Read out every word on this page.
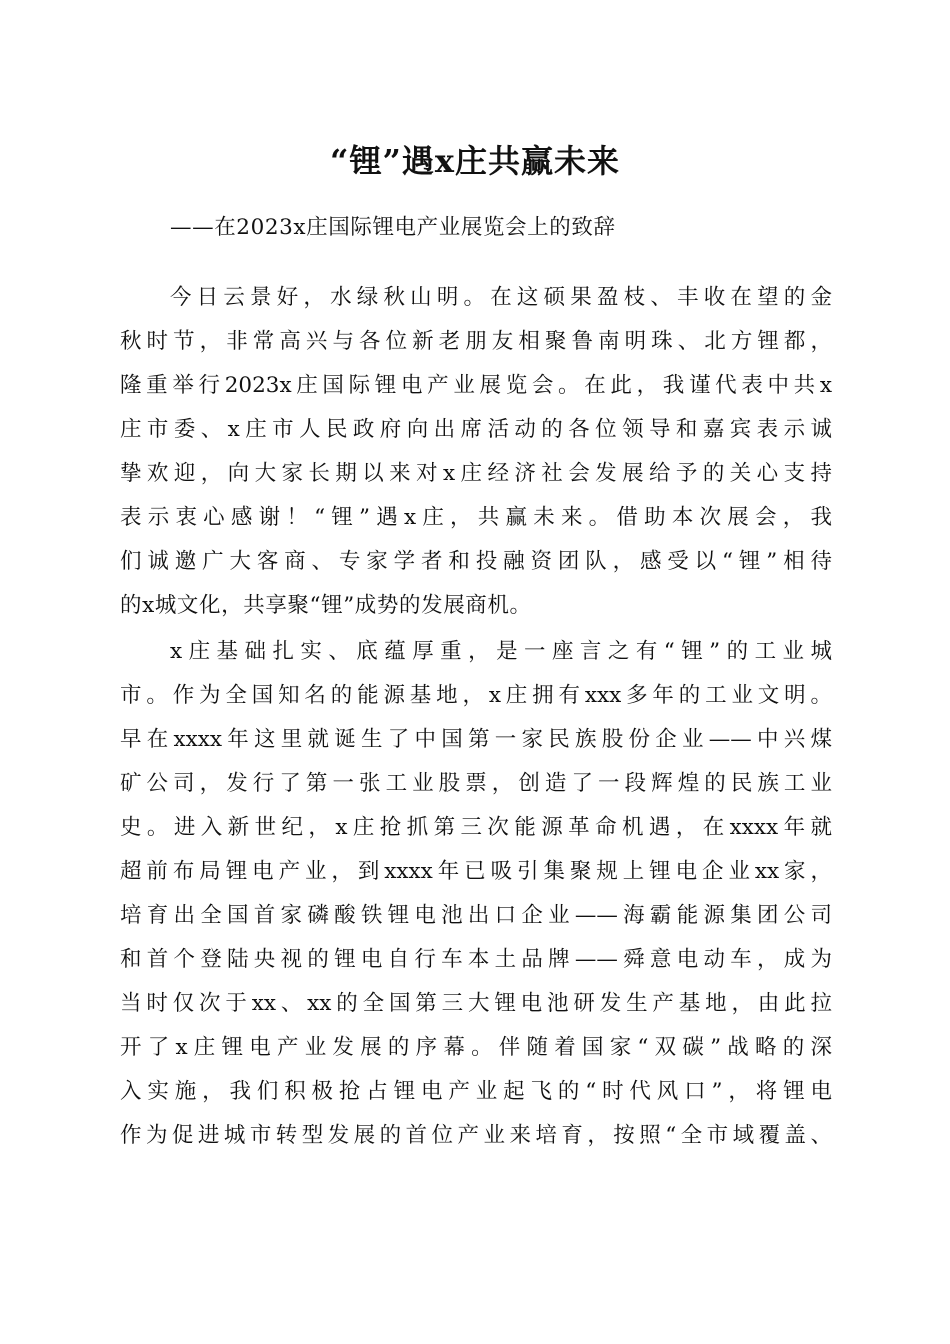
“锂”遇x庄共赢未来
——在2023x庄国际锂电产业展览会上的致辞
今日云景好，水绿秋山明。在这硕果盈枝、丰收在望的金
秋时节，非常高兴与各位新老朋友相聚鲁南明珠、北方锂都，
隆重举行2023x庄国际锂电产业展览会。在此，我谨代表中共x
庄市委、x庄市人民政府向出席活动的各位领导和嘉宾表示诚
挚欢迎，向大家长期以来对x庄经济社会发展给予的关心支持
表示衷心感谢！“锂”遇x庄，共赢未来。借助本次展会，我
们诚邀广大客商、专家学者和投融资团队，感受以“锂”相待
的x城文化，共享聚“锂”成势的发展商机。
x庄基础扎实、底蕴厚重，是一座言之有“锂”的工业城
市。作为全国知名的能源基地，x庄拥有xxx多年的工业文明。
早在xxxx年这里就诞生了中国第一家民族股份企业——中兴煤
矿公司，发行了第一张工业股票，创造了一段辉煌的民族工业
史。进入新世纪，x庄抢抓第三次能源革命机遇，在xxxx年就
超前布局锂电产业，到xxxx年已吸引集聚规上锂电企业xx家，
培育出全国首家磷酸铁锂电池出口企业——海霸能源集团公司
和首个登陆央视的锂电自行车本土品牌——舜意电动车，成为
当时仅次于xx、xx的全国第三大锂电池研发生产基地，由此拉
开了x庄锂电产业发展的序幕。伴随着国家“双碳”战略的深
入实施，我们积极抢占锂电产业起飞的“时代风口”，将锂电
作为促进城市转型发展的首位产业来培育，按照“全市域覆盖、
